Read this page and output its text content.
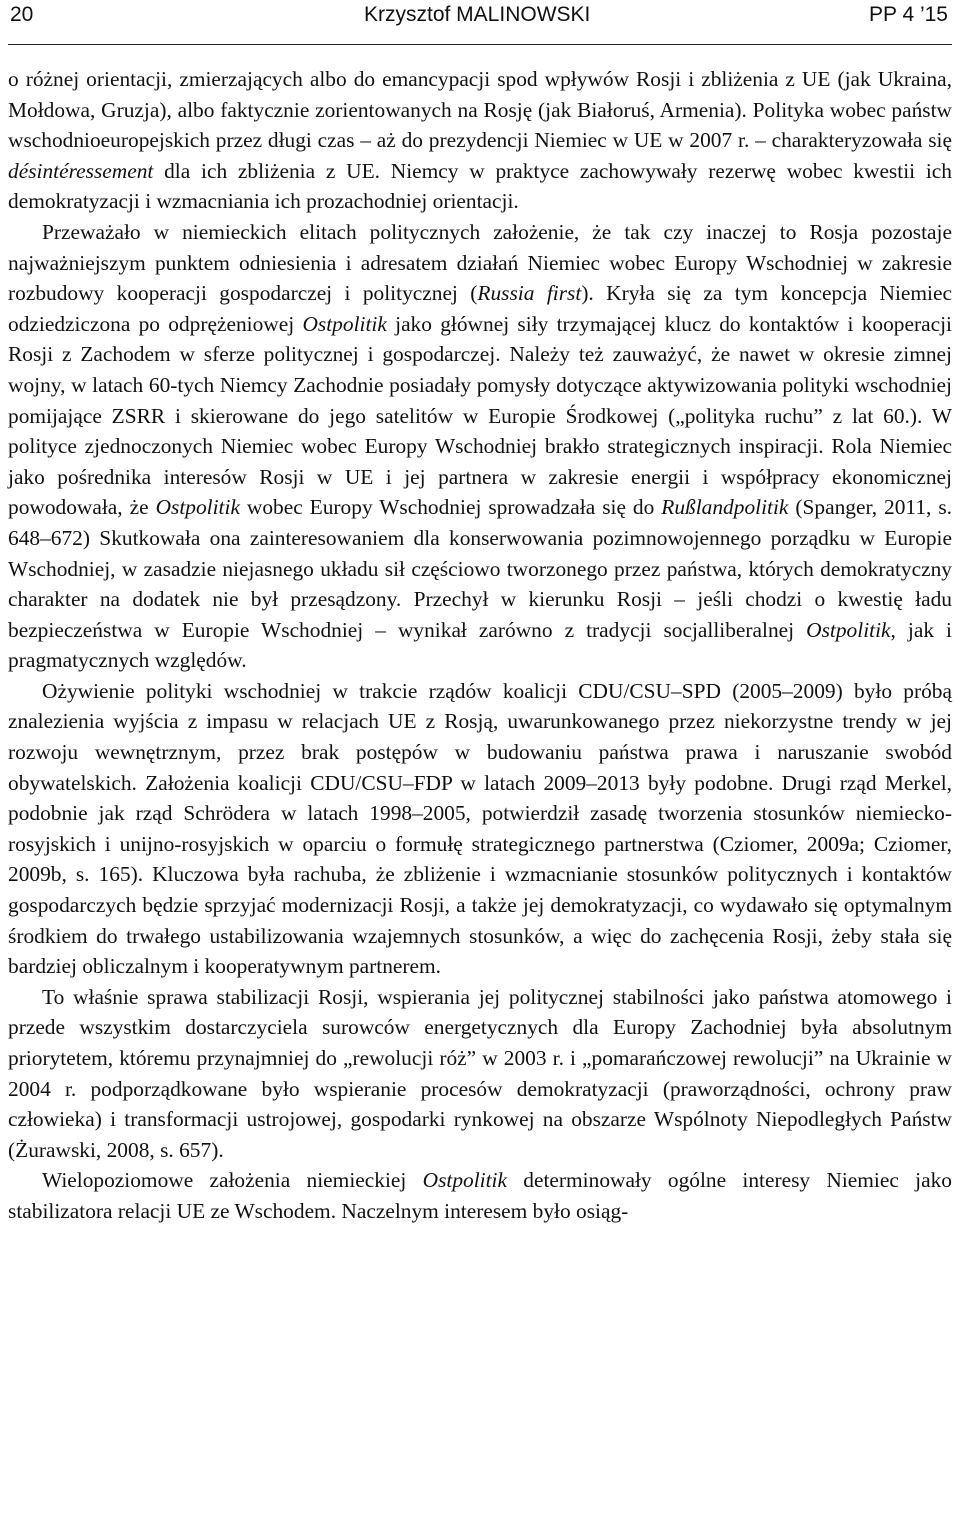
20	Krzysztof MALINOWSKI	PP 4 ’15

o różnej orientacji, zmierzających albo do emancypacji spod wpływów Rosji i zbliżenia z UE (jak Ukraina, Mołdowa, Gruzja), albo faktycznie zorientowanych na Rosję (jak Białoruś, Armenia). Polityka wobec państw wschodnioeuropejskich przez długi czas – aż do prezydencji Niemiec w UE w 2007 r. – charakteryzowała się désintéressement dla ich zbliżenia z UE. Niemcy w praktyce zachowywały rezerwę wobec kwestii ich demokratyzacji i wzmacniania ich prozachodniej orientacji.

Przeważało w niemieckich elitach politycznych założenie, że tak czy inaczej to Rosja pozostaje najważniejszym punktem odniesienia i adresatem działań Niemiec wobec Europy Wschodniej w zakresie rozbudowy kooperacji gospodarczej i politycznej (Russia first). Kryła się za tym koncepcja Niemiec odziedziczona po odprężeniowej Ostpolitik jako głównej siły trzymającej klucz do kontaktów i kooperacji Rosji z Zachodem w sferze politycznej i gospodarczej. Należy też zauważyć, że nawet w okresie zimnej wojny, w latach 60-tych Niemcy Zachodnie posiadały pomysły dotyczące aktywizowania polityki wschodniej pomijające ZSRR i skierowane do jego satelitów w Europie Środkowej („polityka ruchu” z lat 60.). W polityce zjednoczonych Niemiec wobec Europy Wschodniej brakło strategicznych inspiracji. Rola Niemiec jako pośrednika interesów Rosji w UE i jej partnera w zakresie energii i współpracy ekonomicznej powodowała, że Ostpolitik wobec Europy Wschodniej sprowadzała się do Rußlandpolitik (Spanger, 2011, s. 648–672) Skutkowała ona zainteresowaniem dla konserwowania pozimnowojennego porządku w Europie Wschodniej, w zasadzie niejasnego układu sił częściowo tworzonego przez państwa, których demokratyczny charakter na dodatek nie był przesądzony. Przechył w kierunku Rosji – jeśli chodzi o kwestię ładu bezpieczeństwa w Europie Wschodniej – wynikał zarówno z tradycji socjalliberalnej Ostpolitik, jak i pragmatycznych względów.

Ożywienie polityki wschodniej w trakcie rządów koalicji CDU/CSU–SPD (2005–2009) było próbą znalezienia wyjścia z impasu w relacjach UE z Rosją, uwarunkowanego przez niekorzystne trendy w jej rozwoju wewnętrznym, przez brak postępów w budowaniu państwa prawa i naruszanie swobód obywatelskich. Założenia koalicji CDU/CSU–FDP w latach 2009–2013 były podobne. Drugi rząd Merkel, podobnie jak rząd Schrödera w latach 1998–2005, potwierdził zasadę tworzenia stosunków niemiecko-rosyjskich i unijno-rosyjskich w oparciu o formułę strategicznego partnerstwa (Cziomer, 2009a; Cziomer, 2009b, s. 165). Kluczowa była rachuba, że zbliżenie i wzmacnianie stosunków politycznych i kontaktów gospodarczych będzie sprzyjać modernizacji Rosji, a także jej demokratyzacji, co wydawało się optymalnym środkiem do trwałego ustabilizowania wzajemnych stosunków, a więc do zachęcenia Rosji, żeby stała się bardziej obliczalnym i kooperatywnym partnerem.

To właśnie sprawa stabilizacji Rosji, wspierania jej politycznej stabilności jako państwa atomowego i przede wszystkim dostarczyciela surowców energetycznych dla Europy Zachodniej była absolutnym priorytetem, któremu przynajmniej do „rewolucji róż” w 2003 r. i „pomarańczowej rewolucji” na Ukrainie w 2004 r. podporządkowane było wspieranie procesów demokratyzacji (praworządności, ochrony praw człowieka) i transformacji ustrojowej, gospodarki rynkowej na obszarze Wspólnoty Niepodległych Państw (Żurawski, 2008, s. 657).

Wielopoziomowe założenia niemieckiej Ostpolitik determinowały ogólne interesy Niemiec jako stabilizatora relacji UE ze Wschodem. Naczelnym interesem było osiąg-
